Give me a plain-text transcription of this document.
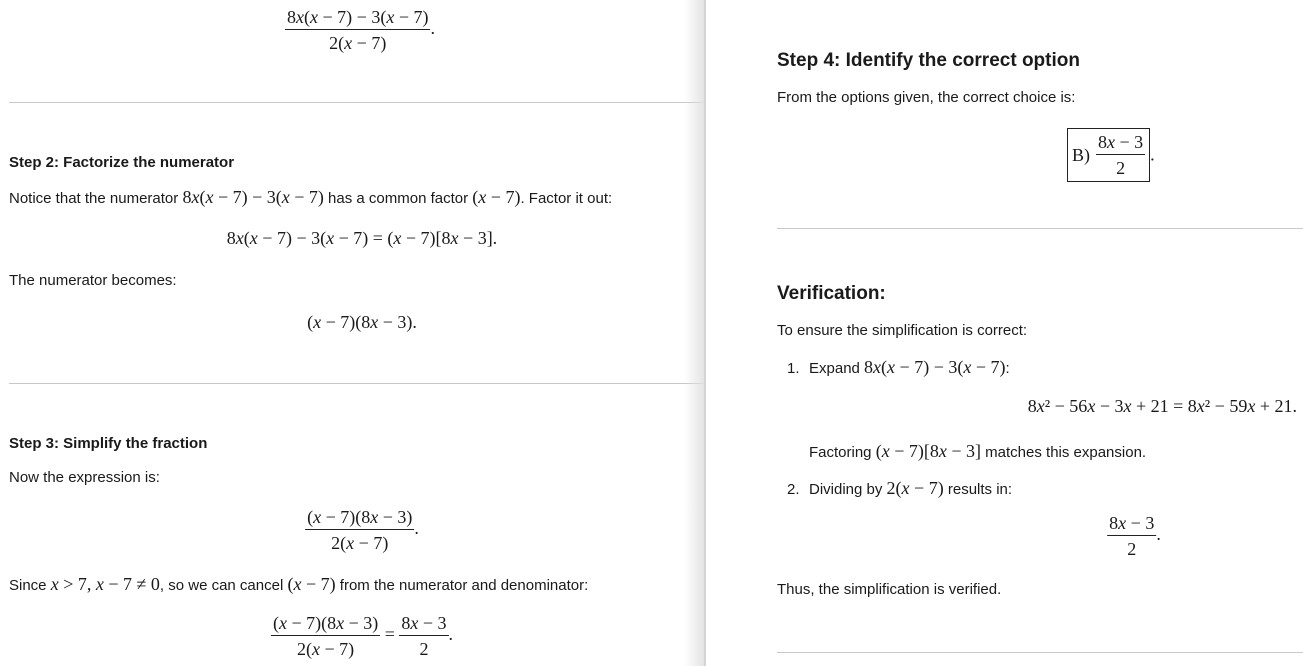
$\frac{8x(x - 7) - 3(x - 7)}{2(x - 7)}$ .
Step 2: Factorize the numerator
Notice that the numerator 8x(x − 7) − 3(x − 7) has a common factor (x − 7). Factor it out:
8x(x − 7) − 3(x − 7) = (x − 7)[8x − 3].
The numerator becomes:
(x − 7)(8x − 3).
Step 3: Simplify the fraction
Now the expression is:
$\frac{(x - 7)(8x - 3)}{2(x - 7)}$ .
Since x > 7, x − 7 ≠ 0, so we can cancel (x − 7) from the numerator and denominator:
$\frac{(x - 7)(8x - 3)}{2(x - 7)} = \frac{8x - 3}{2}$ .
Step 4: Identify the correct option
From the options given, the correct choice is:
$B) \frac{8x - 3}{2}$ .
Verification:
To ensure the simplification is correct:
1. Expand 8x(x − 7) − 3(x − 7):
8x² − 56x − 3x + 21 = 8x² − 59x + 21.
Factoring (x − 7)[8x − 3] matches this expansion.
2. Dividing by 2(x − 7) results in:
$\frac{8x - 3}{2}$ .
Thus, the simplification is verified.
